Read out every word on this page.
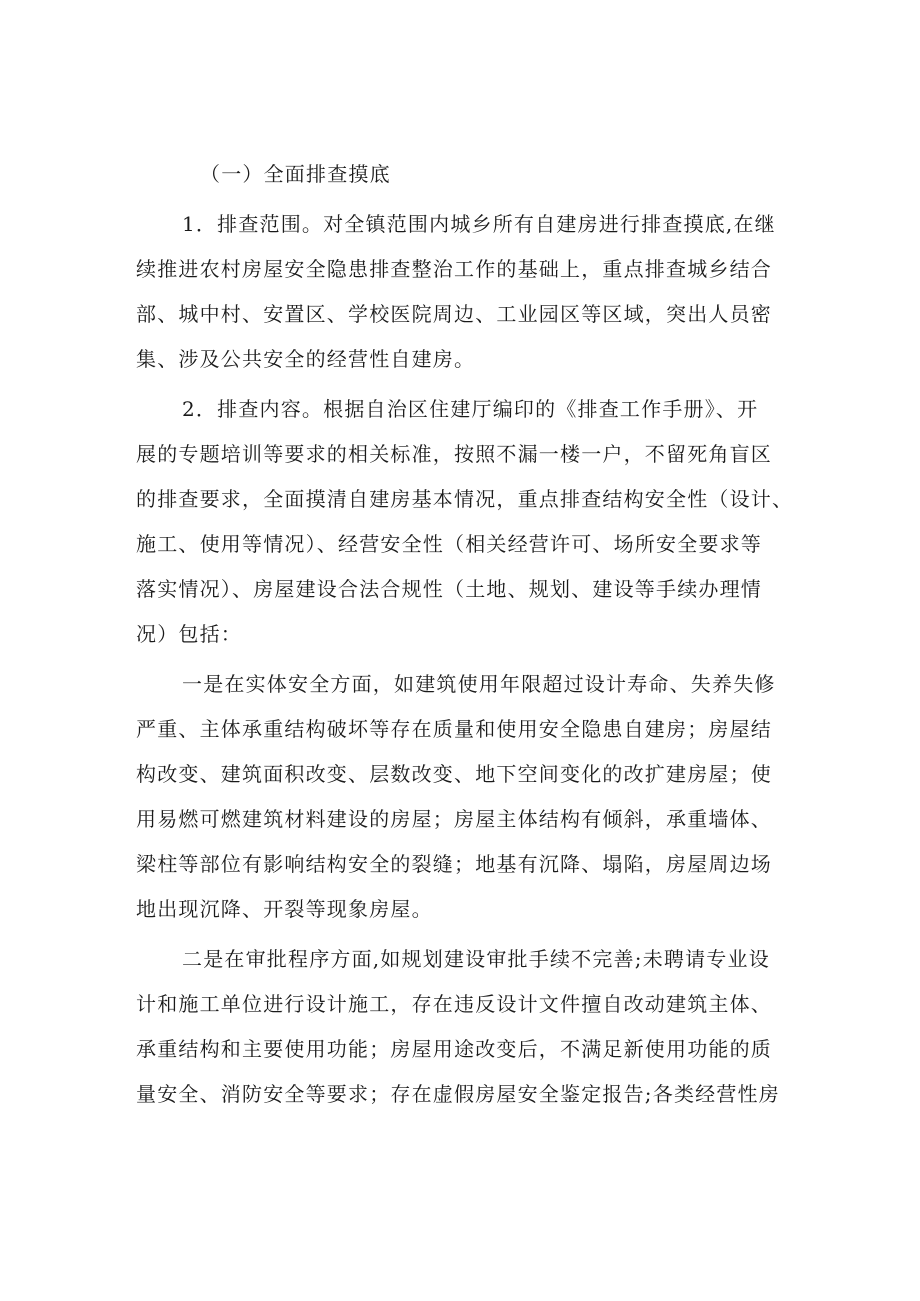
（一）全面排查摸底
1．排查范围。对全镇范围内城乡所有自建房进行排查摸底,在继
续推进农村房屋安全隐患排查整治工作的基础上，重点排查城乡结合
部、城中村、安置区、学校医院周边、工业园区等区域，突出人员密
集、涉及公共安全的经营性自建房。
2．排查内容。根据自治区住建厅编印的《排查工作手册》、开
展的专题培训等要求的相关标准，按照不漏一楼一户，不留死角盲区
的排查要求，全面摸清自建房基本情况，重点排查结构安全性（设计、
施工、使用等情况）、经营安全性（相关经营许可、场所安全要求等
落实情况）、房屋建设合法合规性（土地、规划、建设等手续办理情
况）包括：
一是在实体安全方面，如建筑使用年限超过设计寿命、失养失修
严重、主体承重结构破坏等存在质量和使用安全隐患自建房；房屋结
构改变、建筑面积改变、层数改变、地下空间变化的改扩建房屋；使
用易燃可燃建筑材料建设的房屋；房屋主体结构有倾斜，承重墙体、
梁柱等部位有影响结构安全的裂缝；地基有沉降、塌陷，房屋周边场
地出现沉降、开裂等现象房屋。
二是在审批程序方面,如规划建设审批手续不完善;未聘请专业设
计和施工单位进行设计施工，存在违反设计文件擅自改动建筑主体、
承重结构和主要使用功能；房屋用途改变后，不满足新使用功能的质
量安全、消防安全等要求；存在虚假房屋安全鉴定报告;各类经营性房
